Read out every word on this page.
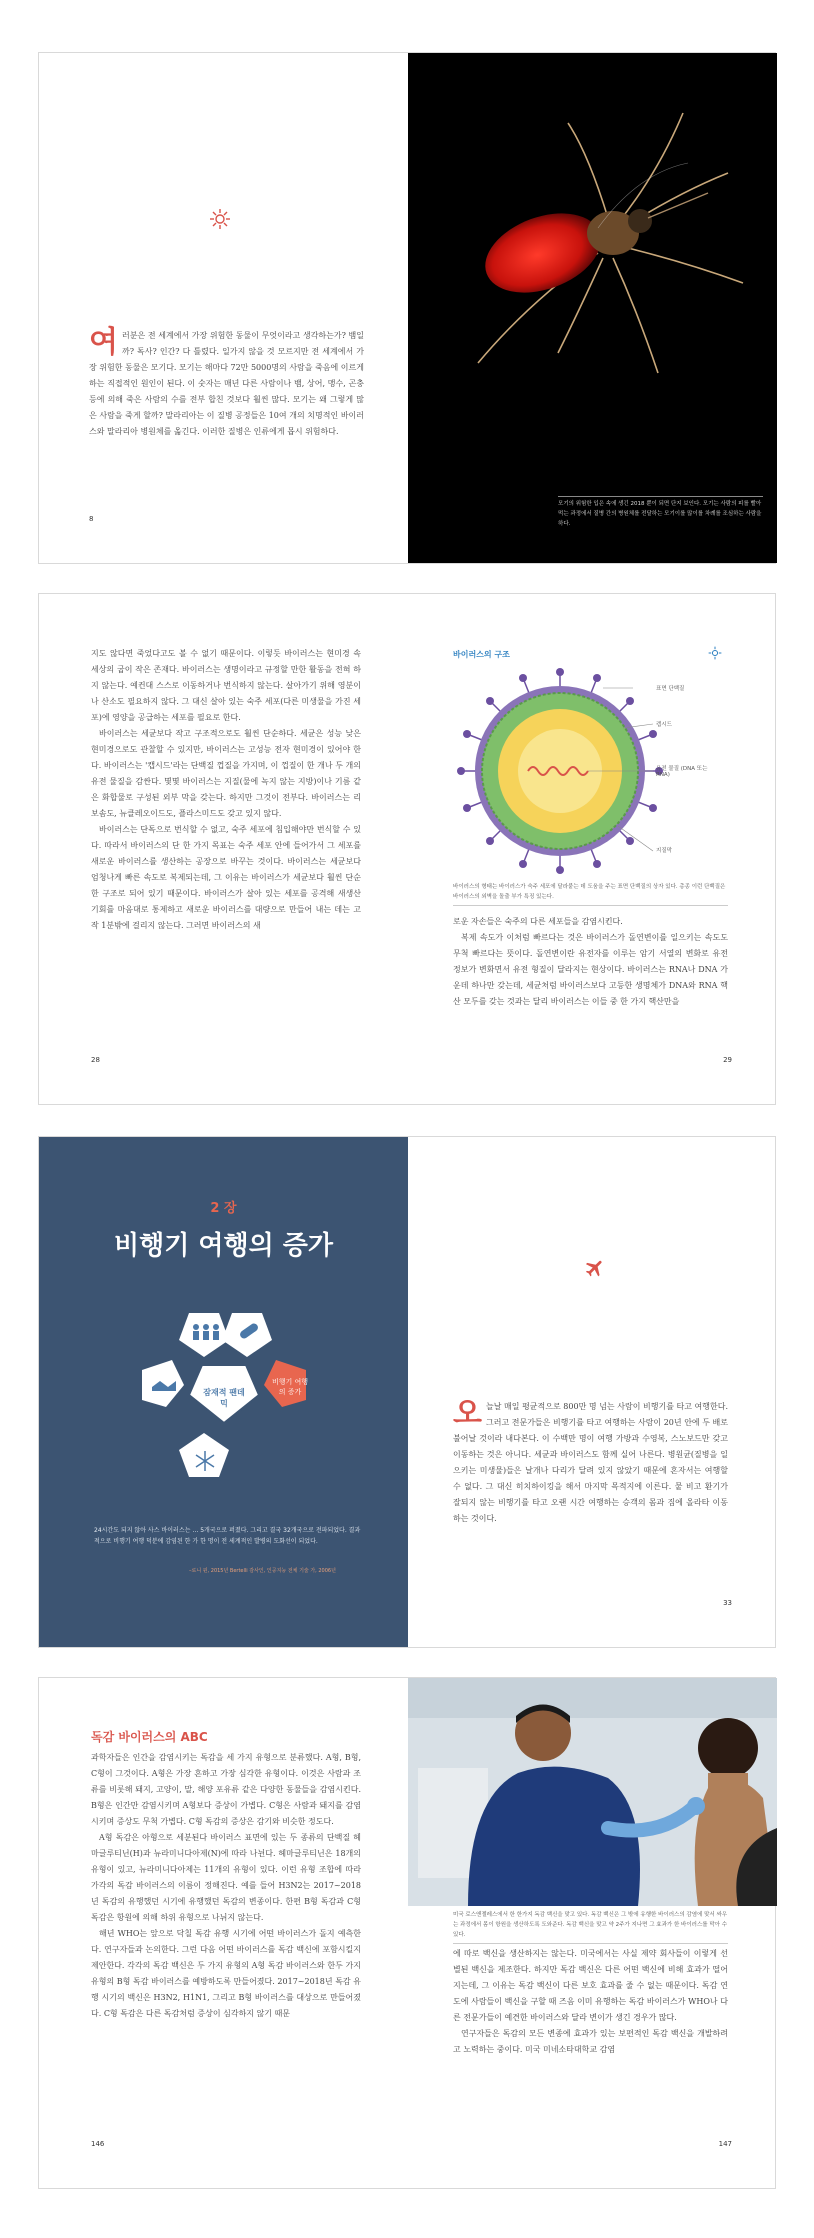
여러분은 전 세계에서 가장 위험한 동물이 무엇이라고 생각하는가? 뱀일까? 독사? 인간? 다 틀렸다. 일가지 않을 것 모르지만 전 세계에서 가장 위험한 동물은 모기다. 모기는 해마다 72만 5000명의 사람을 죽음에 이르게 하는 직접적인 원인이 된다. 이 숫자는 매년 다른 사람이나 뱀, 상어, 맹수, 곤충 등에 의해 죽은 사람의 수를 전부 합친 것보다 훨씬 많다. 모기는 왜 그렇게 많은 사람을 죽게 할까? 말라리아는 이 질병 공정들은 10여 개의 치명적인 바이러스와 말라리아 병원체를 옮긴다. 이러한 질병은 인류에게 몹시 위험하다.
8
모기의 위험한 입은 속에 생긴 2018 뿐이 되면 단지 보인다. 모기는 사람의 피를 빨아 먹는 과정에서 질병 간의 병원체를 전달하는 모기이를 많이를 차례를 조심하는 사람을 하다.

지도 않다면 죽었다고도 볼 수 없기 때문이다. 이렇듯 바이러스는 현미경 속 세상의 굽이 작은 존재다. 바이러스는 생명이라고 규정할 만한 활동을 전혀 하지 않는다. 예컨대 스스로 이동하거나 번식하지 않는다. 살아가기 위해 영분이나 산소도 필요하지 않다. 그 대신 살아 있는 숙주 세포(다른 미생물을 가진 세포)에 영양을 공급하는 세포를 필요로 한다.

바이러스는 세균보다 작고 구조적으로도 훨씬 단순하다. 세균은 성능 낮은 현미경으로도 관찰할 수 있지만, 바이러스는 고성능 전자 현미경이 있어야 한다. 바이러스는 '캡시드'라는 단백질 껍질을 가지며, 이 껍질이 한 개나 두 개의 유전 물질을 감싼다. 몇몇 바이러스는 지질(물에 녹지 않는 지방)이나 기름 같은 화합물로 구성된 외부 막을 갖는다. 하지만 그것이 전부다. 바이러스는 리보솜도, 뉴클레오이드도, 플라스미드도 갖고 있지 않다.

바이러스는 단독으로 번식할 수 없고, 숙주 세포에 침입해야만 번식할 수 있다. 따라서 바이러스의 단 한 가지 목표는 숙주 세포 안에 들어가서 그 세포를 새로운 바이러스를 생산하는 공장으로 바꾸는 것이다. 바이러스는 세균보다 엄청나게 빠른 속도로 복제되는데, 그 이유는 바이러스가 세균보다 훨씬 단순한 구조로 되어 있기 때문이다. 바이러스가 살아 있는 세포를 공격해 새생산 기회를 마음대로 통제하고 새로운 바이러스를 대량으로 만들어 내는 데는 고작 1분밖에 걸리지 않는다. 그러면 바이러스의 새

28
바이러스의 구조
표면 단백질
캡시드
유전 물질 (DNA 또는 RNA)
지질막
바이러스의 형태는 바이러스가 숙주 세포에 달라붙는 데 도움을 주는 표면 단백질의 상자 있다. 총종 이런 단백질은 바이러스의 외벽을 돌출 부가 특징 있는다.

로운 자손들은 숙주의 다른 세포들을 감염시킨다.

복제 속도가 이처럼 빠르다는 것은 바이러스가 돌연변이를 일으키는 속도도 무척 빠르다는 뜻이다. 돌연변이란 유전자를 이루는 암기 서열의 변화로 유전 정보가 변화면서 유전 형질이 달라지는 현상이다. 바이러스는 RNA나 DNA 가운데 하나만 갖는데, 세균처럼 바이러스보다 고등한 생명체가 DNA와 RNA 핵산 모두를 갖는 것과는 달리 바이러스는 이들 중 한 가지 핵산만을

29
2 장
비행기 여행의 증가
잠재적 팬데믹
비행기 여행의 증가
24시간도 되지 않아 사스 바이러스는 … 5개국으로 퍼졌다. 그리고 결국 32개국으로 전파되었다. 결과적으로 비행기 여행 덕분에 감염된 한 가 한 명이 전 세계적인 발병의 도화선이 되었다.
–로니 윈, 2015년 Bertelli 감사인, 인공지능 전체 기술 가, 2006년
오늘날 매일 평균적으로 800만 명 넘는 사람이 비행기를 타고 여행한다. 그러고 전문가들은 비행기를 타고 여행하는 사람이 20년 안에 두 배로 불어날 것이라 내다본다. 이 수백만 명이 여행 가방과 수영복, 스노보드만 갖고 이동하는 것은 아니다. 세균과 바이러스도 함께 실어 나른다. 병원균(질병을 일으키는 미생물)들은 날개나 다리가 달려 있지 않았기 때문에 혼자서는 여행할 수 없다. 그 대신 히치하이킹을 해서 마지막 목적지에 이른다. 뭍 비고 환기가 잘되지 않는 비행기를 타고 오랜 시간 여행하는 승객의 몸과 짐에 올라타 이동하는 것이다.
33
독감 바이러스의 ABC

과학자들은 인간을 감염시키는 독감을 세 가지 유형으로 분류했다. A형, B형, C형이 그것이다. A형은 가장 흔하고 가장 심각한 유형이다. 이것은 사람과 조류를 비롯해 돼지, 고양이, 말, 해양 포유류 같은 다양한 동물들을 감염시킨다. B형은 인간만 감염시키며 A형보다 증상이 가볍다. C형은 사람과 돼지를 감염시키며 증상도 무척 가볍다. C형 독감의 증상은 감기와 비슷한 정도다.

A형 독감은 아형으로 세분된다 바이러스 표면에 있는 두 종류의 단백질 헤마글루티닌(H)과 뉴라미니다아제(N)에 따라 나뉜다. 헤마글루티닌은 18개의 유형이 있고, 뉴라미니다아제는 11개의 유형이 있다. 이런 유형 조합에 따라 가각의 독감 바이러스의 이름이 정해진다. 예를 들어 H3N2는 2017~2018년 독감의 유행했던 시기에 유행했던 독감의 변종이다. 한편 B형 독감과 C형 독감은 항원에 의해 하위 유형으로 나뉘지 않는다.

해년 WHO는 앞으로 닥칠 독감 유행 시기에 어떤 바이러스가 돌지 예측한다. 연구자들과 논의한다. 그런 다음 어떤 바이러스를 독감 백신에 포함시킬지 제안한다. 각각의 독감 백신은 두 가지 유형의 A형 독감 바이러스와 한두 가지 유형의 B형 독감 바이러스를 예방하도록 만들어졌다. 2017~2018년 독감 유행 시기의 백신은 H3N2, H1N1, 그리고 B형 바이러스를 대상으로 만들어졌다. C형 독감은 다른 독감처럼 증상이 심각하지 않기 때문

146
미국 로스앤젤레스에서 한 한가지 독감 백신을 맞고 있다. 독감 백신은 그 밖에 유행한 바이러스의 감염에 맞서 싸우는 과정에서 몸이 항원을 생산하도록 도와준다. 독감 백신을 맞고 약 2주가 지나면 그 효과가 한 바이러스를 막아 수 있다.

에 따로 백신을 생산하지는 않는다. 미국에서는 사실 제약 회사들이 이렇게 선별된 백신을 제조한다. 하지만 독감 백신은 다른 어떤 백신에 비해 효과가 떨어지는데, 그 이유는 독감 백신이 다른 보호 효과를 줄 수 없는 때문이다. 독감 연도에 사람들이 백신을 구할 때 즈음 이미 유행하는 독감 바이러스가 WHO나 다른 전문가들이 예견한 바이러스와 달라 변이가 생긴 경우가 많다.

연구자들은 독감의 모든 변종에 효과가 있는 보편적인 독감 백신을 개발하려고 노력하는 중이다. 미국 미네소타대학교 감염

147
